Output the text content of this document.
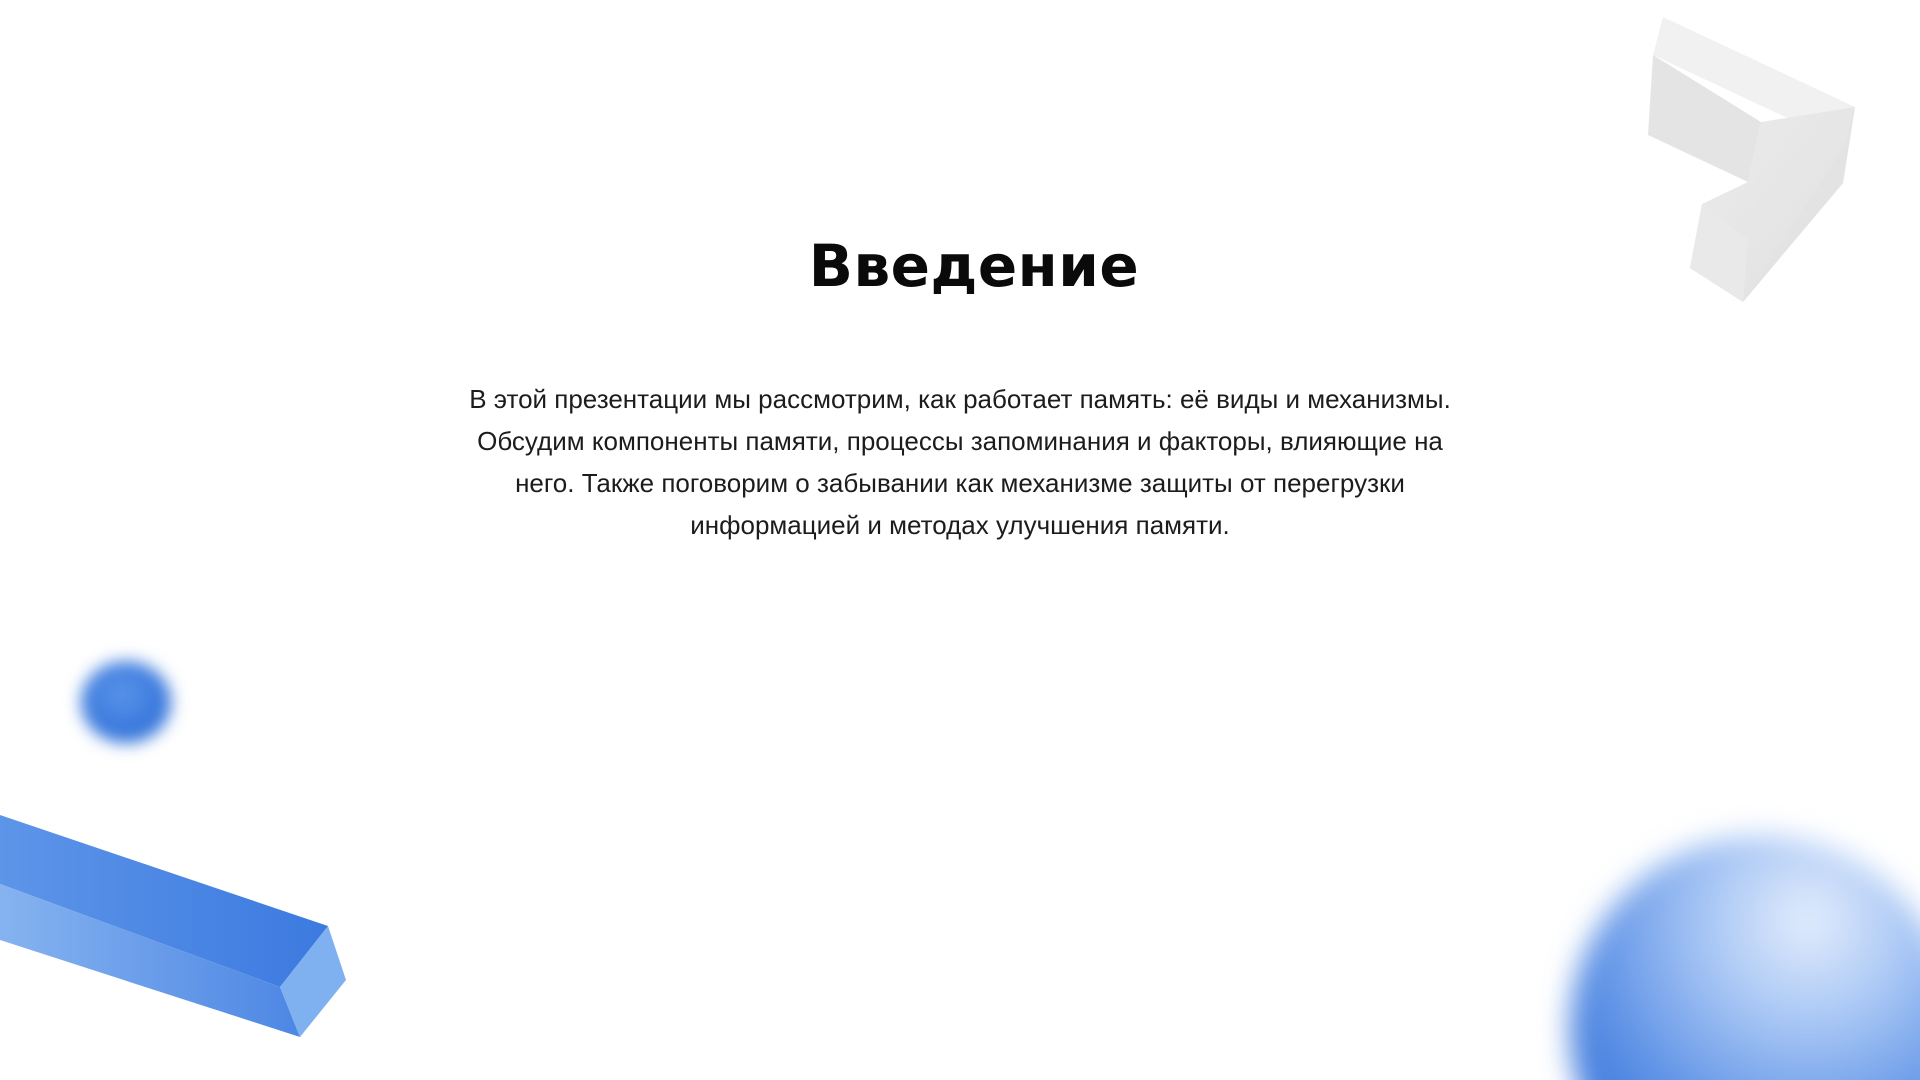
Введение

В этой презентации мы рассмотрим, как работает память: её виды и механизмы. Обсудим компоненты памяти, процессы запоминания и факторы, влияющие на него. Также поговорим о забывании как механизме защиты от перегрузки информацией и методах улучшения памяти.
